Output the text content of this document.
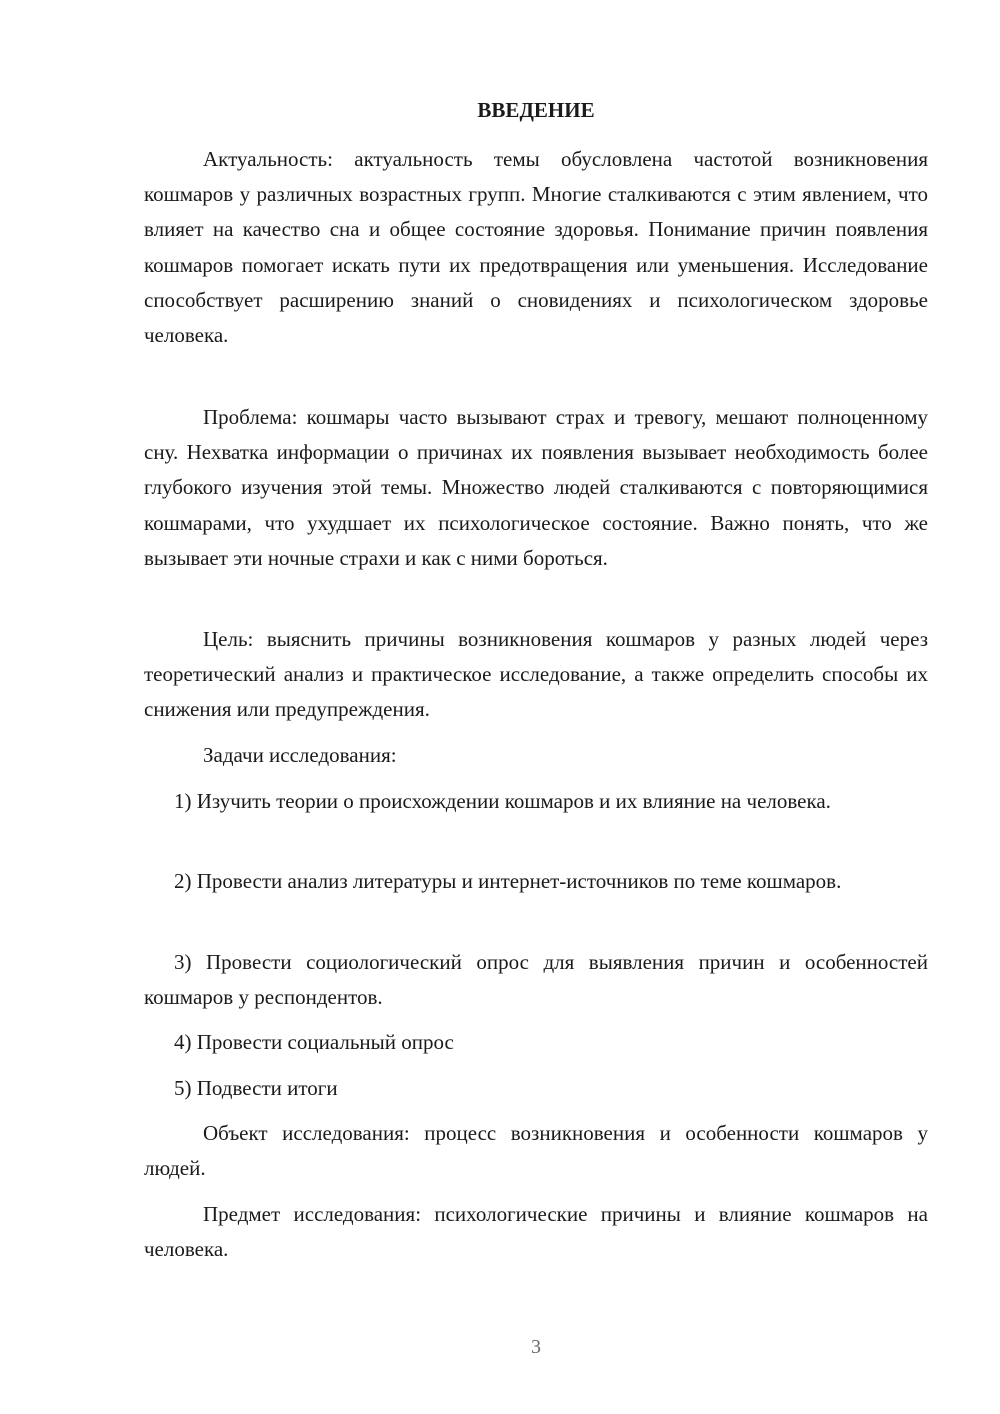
ВВЕДЕНИЕ

Актуальность: актуальность темы обусловлена частотой возникновения кошмаров у различных возрастных групп. Многие сталкиваются с этим явлением, что влияет на качество сна и общее состояние здоровья. Понимание причин появления кошмаров помогает искать пути их предотвращения или уменьшения. Исследование способствует расширению знаний о сновидениях и психологическом здоровье человека.

Проблема: кошмары часто вызывают страх и тревогу, мешают полноценному сну. Нехватка информации о причинах их появления вызывает необходимость более глубокого изучения этой темы. Множество людей сталкиваются с повторяющимися кошмарами, что ухудшает их психологическое состояние. Важно понять, что же вызывает эти ночные страхи и как с ними бороться.

Цель: выяснить причины возникновения кошмаров у разных людей через теоретический анализ и практическое исследование, а также определить способы их снижения или предупреждения.

Задачи исследования:

1) Изучить теории о происхождении кошмаров и их влияние на человека.

2) Провести анализ литературы и интернет-источников по теме кошмаров.

3) Провести социологический опрос для выявления причин и особенностей кошмаров у респондентов.

4) Провести социальный опрос

5) Подвести итоги

Объект исследования: процесс возникновения и особенности кошмаров у людей.

Предмет исследования: психологические причины и влияние кошмаров на человека.

3
